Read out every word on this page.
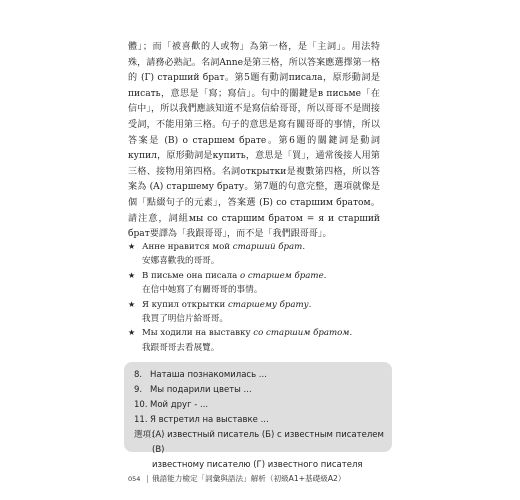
體」；而「被喜歡的人或物」為第一格，是「主詞」。用法特殊，請務必熟記。名詞Anne是第三格，所以答案應選擇第一格的 (Г) старший брат。第5題有動詞писала，原形動詞是писать，意思是「寫；寫信」。句中的關鍵是в письме「在信中」，所以我們應該知道不是寫信給哥哥，所以哥哥不是間接受詞，不能用第三格。句子的意思是寫有關哥哥的事情，所以答案是 (B) о старшем брате。第6題的關鍵詞是動詞купил，原形動詞是купить，意思是「買」，通常後接人用第三格、接物用第四格。名詞открытки是複數第四格，所以答案為 (A) старшему брату。第7題的句意完整，選項就像是個「點綴句子的元素」，答案選 (Б) со старшим братом。請注意，詞組мы со старшим братом = я и старший брат要譯為「我跟哥哥」，而不是「我們跟哥哥」。

★ Анне нравится мой старший брат.
安娜喜歡我的哥哥。
★ В письме она писала о старшем брате.
在信中她寫了有關哥哥的事情。
★ Я купил открытки старшему брату.
我買了明信片給哥哥。
★ Мы ходили на выставку со старшим братом.
我跟哥哥去看展覽。
8. Наташа познакомилась ...
9. Мы подарили цветы ...
10. Мой друг - ...
11. Я встретил на выставке ...
選項：
(А) известный писатель (Б) с известным писателем (В)
известному писателю (Г) известного писателя
054 | 俄語能力檢定「詞彙與語法」解析（初級A1+基礎級A2）
